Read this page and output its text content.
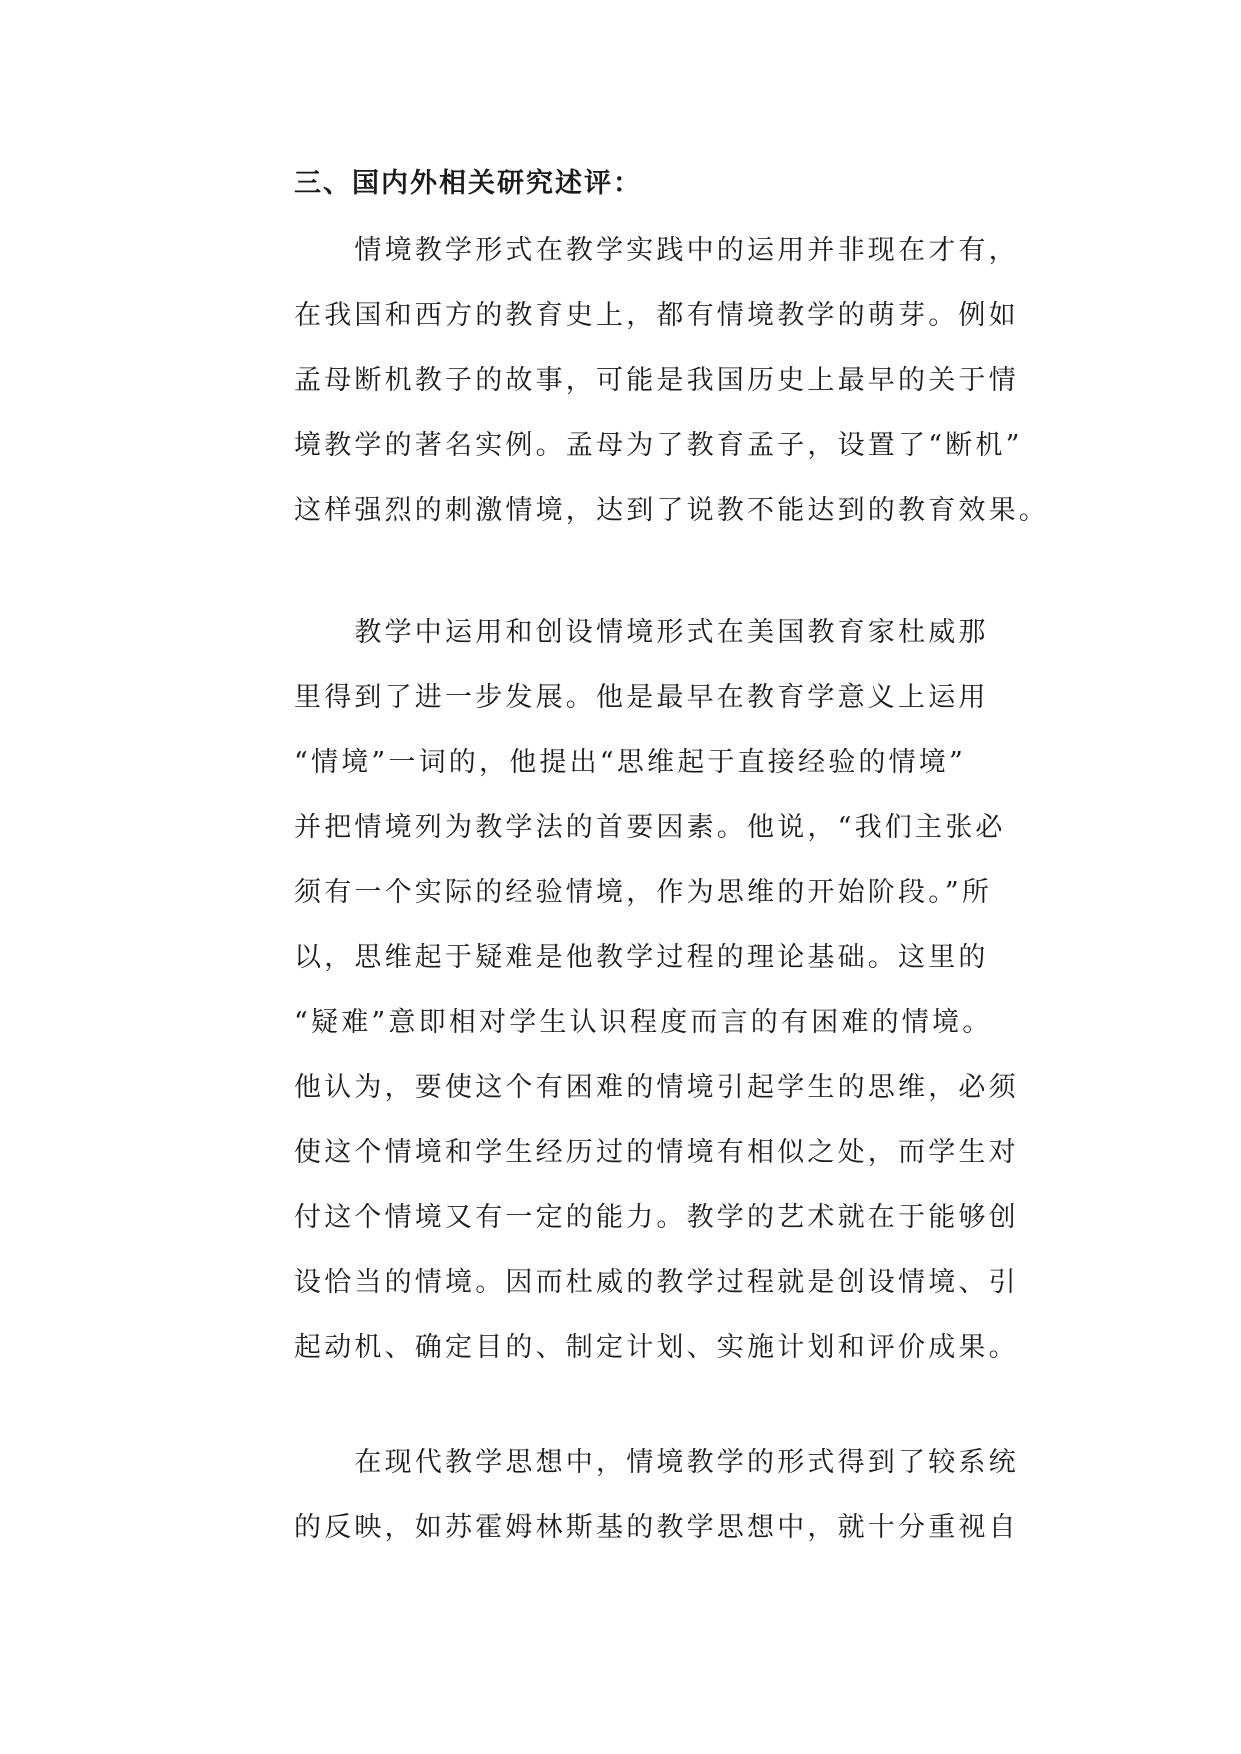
三、国内外相关研究述评：
　　情境教学形式在教学实践中的运用并非现在才有，
在我国和西方的教育史上，都有情境教学的萌芽。例如
孟母断机教子的故事，可能是我国历史上最早的关于情
境教学的著名实例。孟母为了教育孟子，设置了“断机”
这样强烈的刺激情境，达到了说教不能达到的教育效果。
　　教学中运用和创设情境形式在美国教育家杜威那
里得到了进一步发展。他是最早在教育学意义上运用
“情境”一词的，他提出“思维起于直接经验的情境”
并把情境列为教学法的首要因素。他说，“我们主张必
须有一个实际的经验情境，作为思维的开始阶段。”所
以，思维起于疑难是他教学过程的理论基础。这里的
“疑难”意即相对学生认识程度而言的有困难的情境。
他认为，要使这个有困难的情境引起学生的思维，必须
使这个情境和学生经历过的情境有相似之处，而学生对
付这个情境又有一定的能力。教学的艺术就在于能够创
设恰当的情境。因而杜威的教学过程就是创设情境、引
起动机、确定目的、制定计划、实施计划和评价成果。
　　在现代教学思想中，情境教学的形式得到了较系统
的反映，如苏霍姆林斯基的教学思想中，就十分重视自
